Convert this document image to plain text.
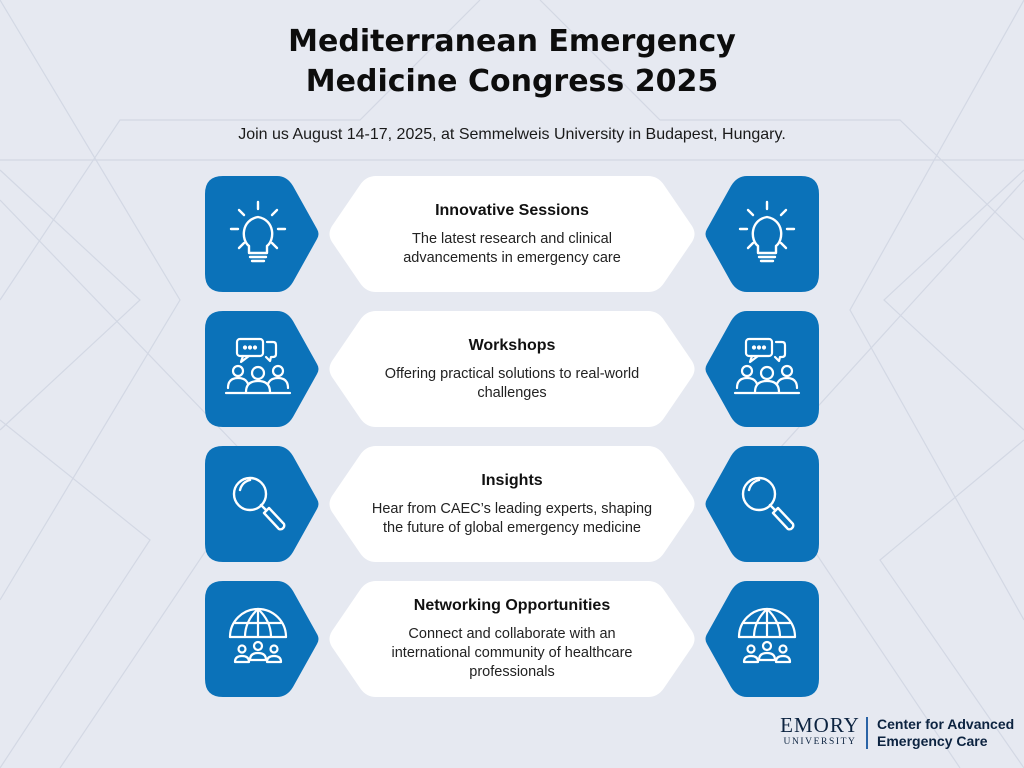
Mediterranean Emergency
Medicine Congress 2025
Join us August 14-17, 2025, at Semmelweis University in Budapest, Hungary.
Innovative Sessions
The latest research and clinical
advancements in emergency care
Workshops
Offering practical solutions to real-world
challenges
Insights
Hear from CAEC’s leading experts, shaping
the future of global emergency medicine
Networking Opportunities
Connect and collaborate with an
international community of healthcare
professionals
EMORY
UNIVERSITY
Center for Advanced
Emergency Care
